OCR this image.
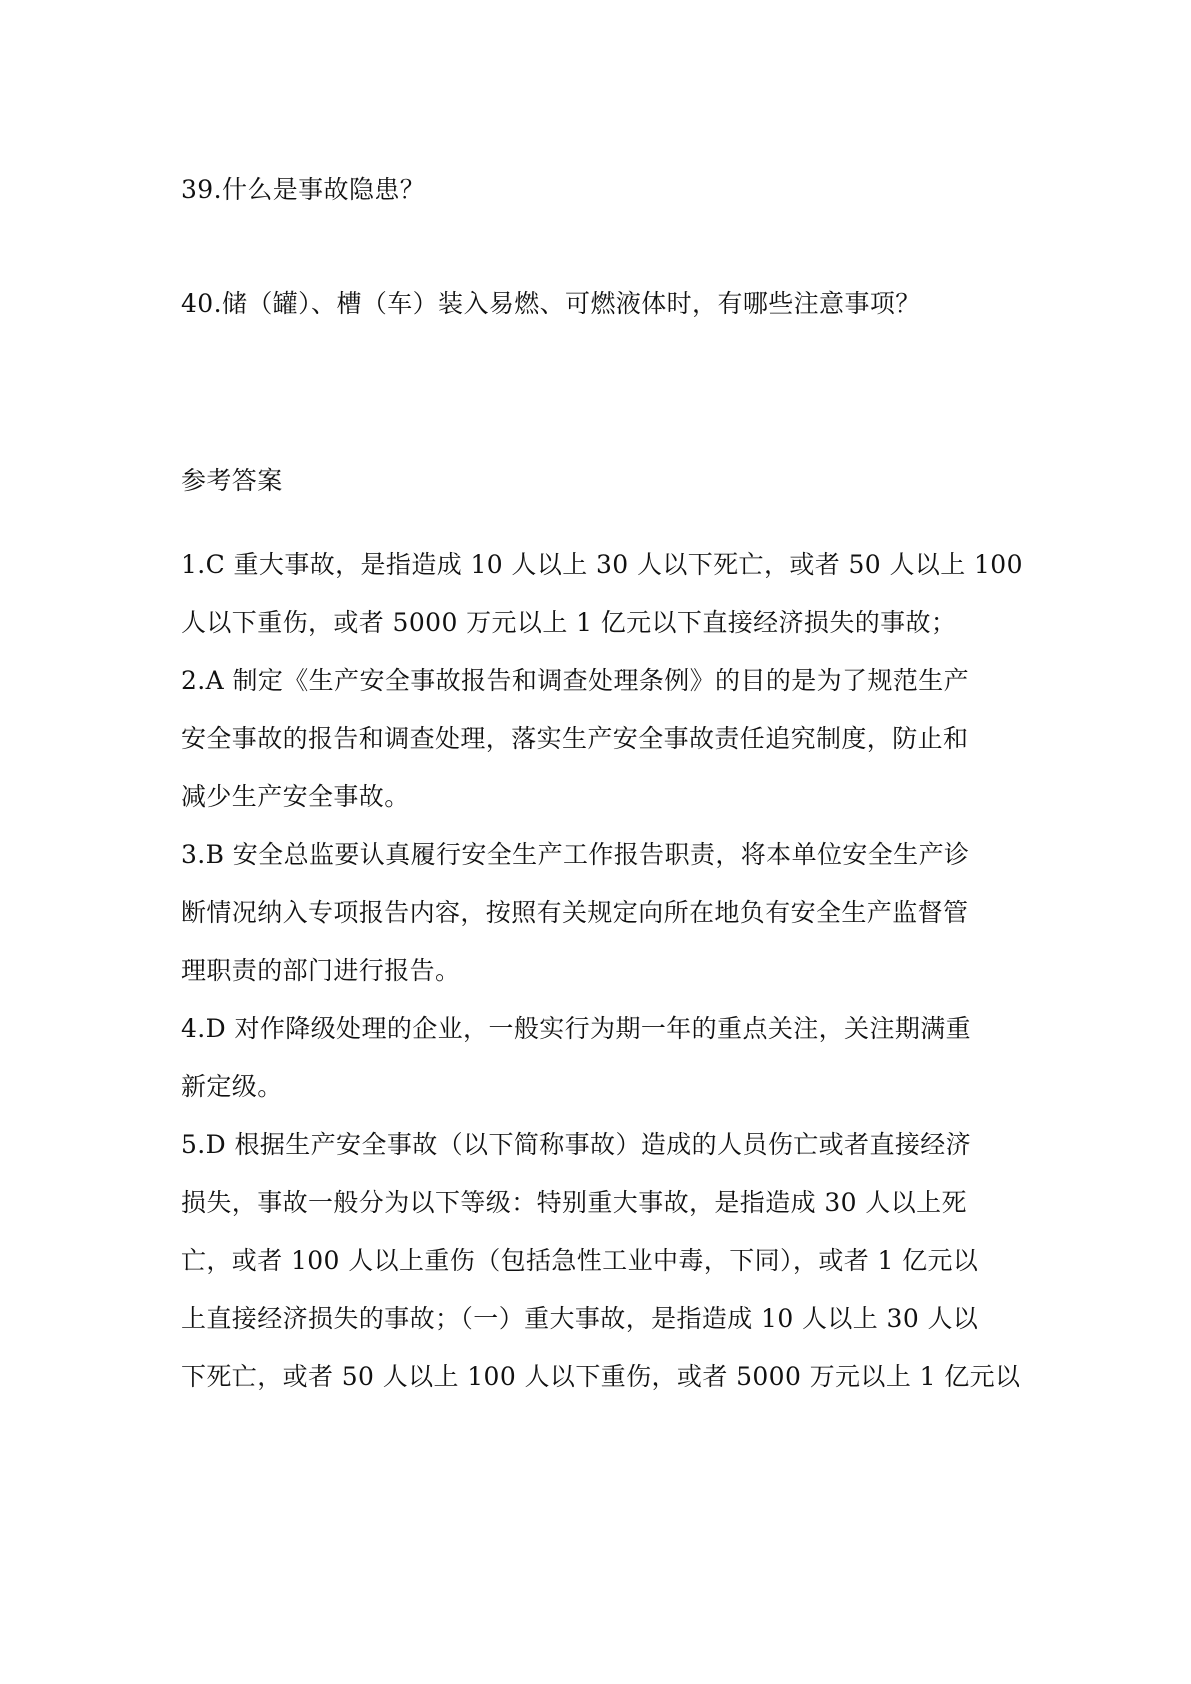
39.什么是事故隐患？
40.储（罐）、槽（车）装入易燃、可燃液体时，有哪些注意事项？
参考答案
1.C 重大事故，是指造成 10 人以上 30 人以下死亡，或者 50 人以上 100
人以下重伤，或者 5000 万元以上 1 亿元以下直接经济损失的事故；
2.A 制定《生产安全事故报告和调查处理条例》的目的是为了规范生产
安全事故的报告和调查处理，落实生产安全事故责任追究制度，防止和
减少生产安全事故。
3.B 安全总监要认真履行安全生产工作报告职责，将本单位安全生产诊
断情况纳入专项报告内容，按照有关规定向所在地负有安全生产监督管
理职责的部门进行报告。
4.D 对作降级处理的企业，一般实行为期一年的重点关注，关注期满重
新定级。
5.D 根据生产安全事故（以下简称事故）造成的人员伤亡或者直接经济
损失，事故一般分为以下等级：特别重大事故，是指造成 30 人以上死
亡，或者 100 人以上重伤（包括急性工业中毒，下同），或者 1 亿元以
上直接经济损失的事故；（一）重大事故，是指造成 10 人以上 30 人以
下死亡，或者 50 人以上 100 人以下重伤，或者 5000 万元以上 1 亿元以
